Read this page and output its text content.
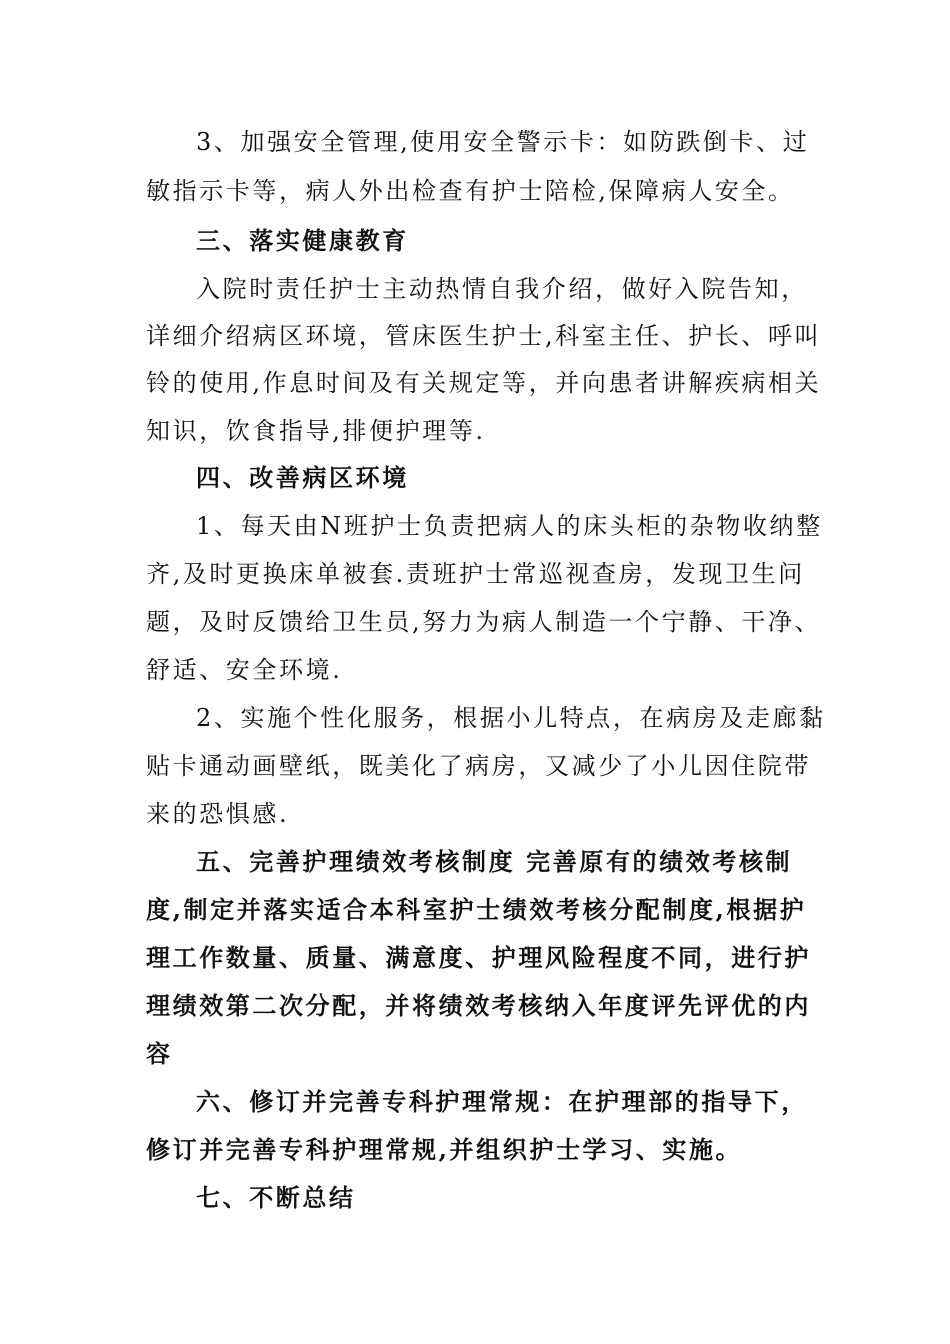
3、加强安全管理,使用安全警示卡：如防跌倒卡、过
敏指示卡等，病人外出检查有护士陪检,保障病人安全。
三、落实健康教育
入院时责任护士主动热情自我介绍，做好入院告知，
详细介绍病区环境，管床医生护士,科室主任、护长、呼叫
铃的使用,作息时间及有关规定等，并向患者讲解疾病相关
知识，饮食指导,排便护理等.
四、改善病区环境
1、每天由N班护士负责把病人的床头柜的杂物收纳整
齐,及时更换床单被套.责班护士常巡视查房，发现卫生问
题，及时反馈给卫生员,努力为病人制造一个宁静、干净、
舒适、安全环境.
2、实施个性化服务，根据小儿特点，在病房及走廊黏
贴卡通动画壁纸，既美化了病房，又减少了小儿因住院带
来的恐惧感.
五、完善护理绩效考核制度 完善原有的绩效考核制
度,制定并落实适合本科室护士绩效考核分配制度,根据护
理工作数量、质量、满意度、护理风险程度不同，进行护
理绩效第二次分配，并将绩效考核纳入年度评先评优的内
容
六、修订并完善专科护理常规：在护理部的指导下，
修订并完善专科护理常规,并组织护士学习、实施。
七、不断总结
